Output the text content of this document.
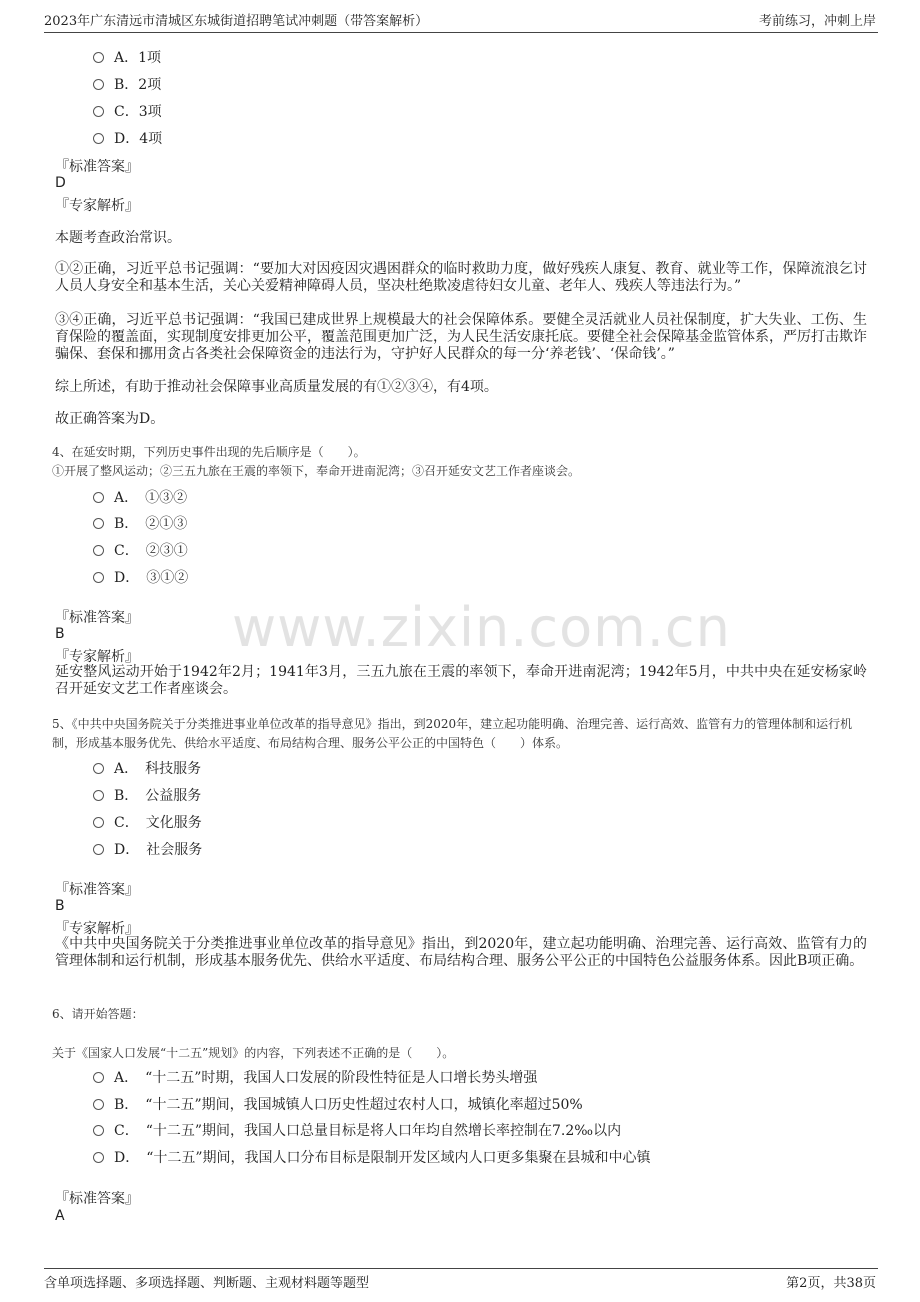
2023年广东清远市清城区东城街道招聘笔试冲刺题（带答案解析）	考前练习，冲刺上岸
www.zixin.com.cn
A．1项
B．2项
C．3项
D．4项
『标准答案』
D
『专家解析』
本题考查政治常识。
①②正确，习近平总书记强调：“要加大对因疫因灾遇困群众的临时救助力度，做好残疾人康复、教育、就业等工作，保障流浪乞讨人员人身安全和基本生活，关心关爱精神障碍人员，坚决杜绝欺凌虐待妇女儿童、老年人、残疾人等违法行为。”
③④正确，习近平总书记强调：“我国已建成世界上规模最大的社会保障体系。要健全灵活就业人员社保制度，扩大失业、工伤、生育保险的覆盖面，实现制度安排更加公平，覆盖范围更加广泛，为人民生活安康托底。要健全社会保障基金监管体系，严厉打击欺诈骗保、套保和挪用贪占各类社会保障资金的违法行为，守护好人民群众的每一分‘养老钱’、‘保命钱’。”
综上所述，有助于推动社会保障事业高质量发展的有①②③④，有4项。
故正确答案为D。
4、在延安时期，下列历史事件出现的先后顺序是（　　）。
①开展了整风运动；②三五九旅在王震的率领下，奉命开进南泥湾；③召开延安文艺工作者座谈会。
A．　①③②
B．　②①③
C．　②③①
D．　③①②
『标准答案』
B
『专家解析』
延安整风运动开始于1942年2月；1941年3月，三五九旅在王震的率领下，奉命开进南泥湾；1942年5月，中共中央在延安杨家岭召开延安文艺工作者座谈会。
5、《中共中央国务院关于分类推进事业单位改革的指导意见》指出，到2020年，建立起功能明确、治理完善、运行高效、监管有力的管理体制和运行机制，形成基本服务优先、供给水平适度、布局结构合理、服务公平公正的中国特色（　　）体系。
A．　科技服务
B．　公益服务
C．　文化服务
D．　社会服务
『标准答案』
B
『专家解析』
《中共中央国务院关于分类推进事业单位改革的指导意见》指出，到2020年，建立起功能明确、治理完善、运行高效、监管有力的管理体制和运行机制，形成基本服务优先、供给水平适度、布局结构合理、服务公平公正的中国特色公益服务体系。因此B项正确。
6、请开始答题：
关于《国家人口发展“十二五”规划》的内容，下列表述不正确的是（　　）。
A．　“十二五”时期，我国人口发展的阶段性特征是人口增长势头增强
B．　“十二五”期间，我国城镇人口历史性超过农村人口，城镇化率超过50%
C．　“十二五”期间，我国人口总量目标是将人口年均自然增长率控制在7.2‰以内
D．　“十二五”期间，我国人口分布目标是限制开发区域内人口更多集聚在县城和中心镇
『标准答案』
A
含单项选择题、多项选择题、判断题、主观材料题等题型	第2页，共38页
